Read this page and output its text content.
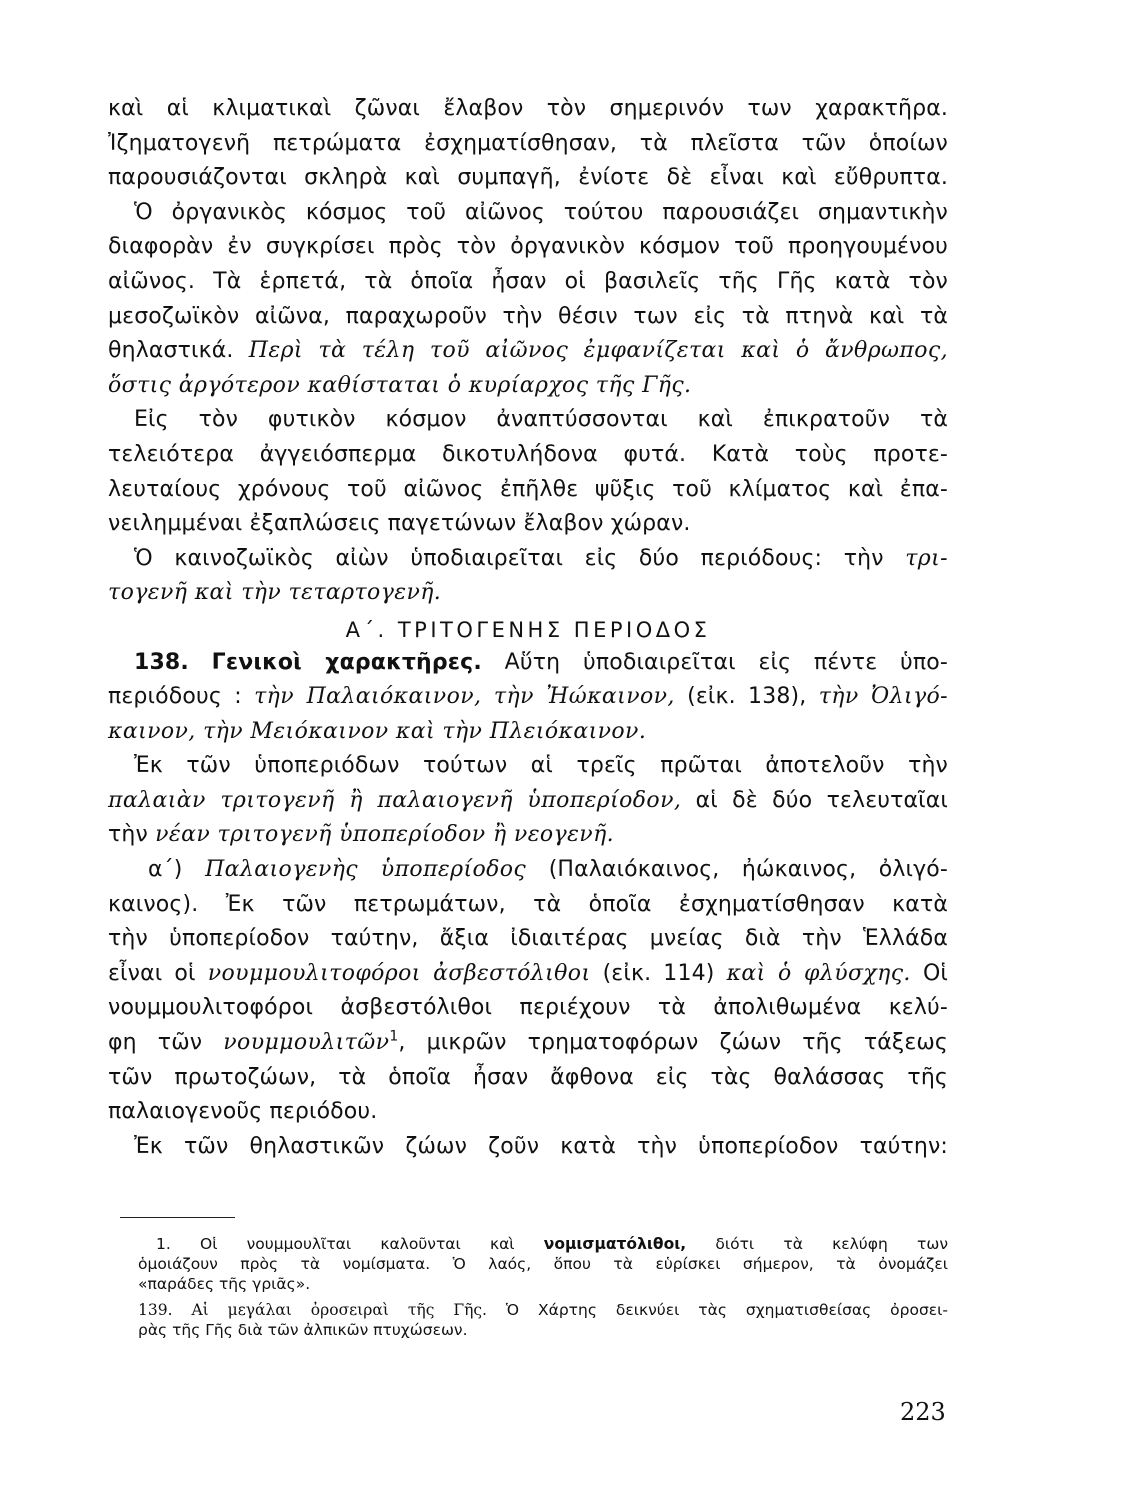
καὶ αἱ κλιματικαὶ ζῶναι ἔλαβον τὸν σημερινόν των χαρακτῆρα.
Ἰζηματογενῆ πετρώματα ἐσχηματίσθησαν, τὰ πλεῖστα τῶν ὁποίων
παρουσιάζονται σκληρὰ καὶ συμπαγῆ, ἐνίοτε δὲ εἶναι καὶ εὔθρυπτα.
Ὁ ὀργανικὸς κόσμος τοῦ αἰῶνος τούτου παρουσιάζει σημαντικὴν
διαφορὰν ἐν συγκρίσει πρὸς τὸν ὀργανικὸν κόσμον τοῦ προηγουμένου
αἰῶνος. Τὰ ἑρπετά, τὰ ὁποῖα ἦσαν οἱ βασιλεῖς τῆς Γῆς κατὰ τὸν
μεσοζωϊκὸν αἰῶνα, παραχωροῦν τὴν θέσιν των εἰς τὰ πτηνὰ καὶ τὰ
θηλαστικά. Περὶ τὰ τέλη τοῦ αἰῶνος ἐμφανίζεται καὶ ὁ ἄνθρωπος,
ὅστις ἀργότερον καθίσταται ὁ κυρίαρχος τῆς Γῆς.
Εἰς τὸν φυτικὸν κόσμον ἀναπτύσσονται καὶ ἐπικρατοῦν τὰ
τελειότερα ἀγγειόσπερμα δικοτυλήδονα φυτά. Κατὰ τοὺς προτε-
λευταίους χρόνους τοῦ αἰῶνος ἐπῆλθε ψῦξις τοῦ κλίματος καὶ ἐπα-
νειλημμέναι ἐξαπλώσεις παγετώνων ἔλαβον χώραν.
Ὁ καινοζωϊκὸς αἰὼν ὑποδιαιρεῖται εἰς δύο περιόδους: τὴν τρι-
τογενῆ καὶ τὴν τεταρτογενῆ.
Α΄. ΤΡΙΤΟΓΕΝΗΣ ΠΕΡΙΟΔΟΣ
138. Γενικοὶ χαρακτῆρες. Αὕτη ὑποδιαιρεῖται εἰς πέντε ὑπο-
περιόδους : τὴν Παλαιόκαινον, τὴν Ἠώκαινον, (εἰκ. 138), τὴν Ὀλιγό-
καινον, τὴν Μειόκαινον καὶ τὴν Πλειόκαινον.
Ἐκ τῶν ὑποπεριόδων τούτων αἱ τρεῖς πρῶται ἀποτελοῦν τὴν
παλαιὰν τριτογενῆ ἢ παλαιογενῆ ὑποπερίοδον, αἱ δὲ δύο τελευταῖαι
τὴν νέαν τριτογενῆ ὑποπερίοδον ἢ νεογενῆ.
α΄) Παλαιογενὴς ὑποπερίοδος (Παλαιόκαινος, ἠώκαινος, ὀλιγό-
καινος). Ἐκ τῶν πετρωμάτων, τὰ ὁποῖα ἐσχηματίσθησαν κατὰ
τὴν ὑποπερίοδον ταύτην, ἄξια ἰδιαιτέρας μνείας διὰ τὴν Ἑλλάδα
εἶναι οἱ νουμμουλιτοφόροι ἀσβεστόλιθοι (εἰκ. 114) καὶ ὁ φλύσχης. Οἱ
νουμμουλιτοφόροι ἀσβεστόλιθοι περιέχουν τὰ ἀπολιθωμένα κελύ-
φη τῶν νουμμουλιτῶν$^1$, μικρῶν τρηματοφόρων ζώων τῆς τάξεως
τῶν πρωτοζώων, τὰ ὁποῖα ἦσαν ἄφθονα εἰς τὰς θαλάσσας τῆς
παλαιογενοῦς περιόδου.
Ἐκ τῶν θηλαστικῶν ζώων ζοῦν κατὰ τὴν ὑποπερίοδον ταύτην:
1. Οἱ νουμμουλῖται καλοῦνται καὶ νομισματόλιθοι, διότι τὰ κελύφη των
ὁμοιάζουν πρὸς τὰ νομίσματα. Ὁ λαός, ὅπου τὰ εὑρίσκει σήμερον, τὰ ὀνομάζει
«παράδες τῆς γριᾶς».
139. Αἱ μεγάλαι ὀροσειραὶ τῆς Γῆς. Ὁ Χάρτης δεικνύει τὰς σχηματισθείσας ὀροσει-
ρὰς τῆς Γῆς διὰ τῶν ἀλπικῶν πτυχώσεων.
223
